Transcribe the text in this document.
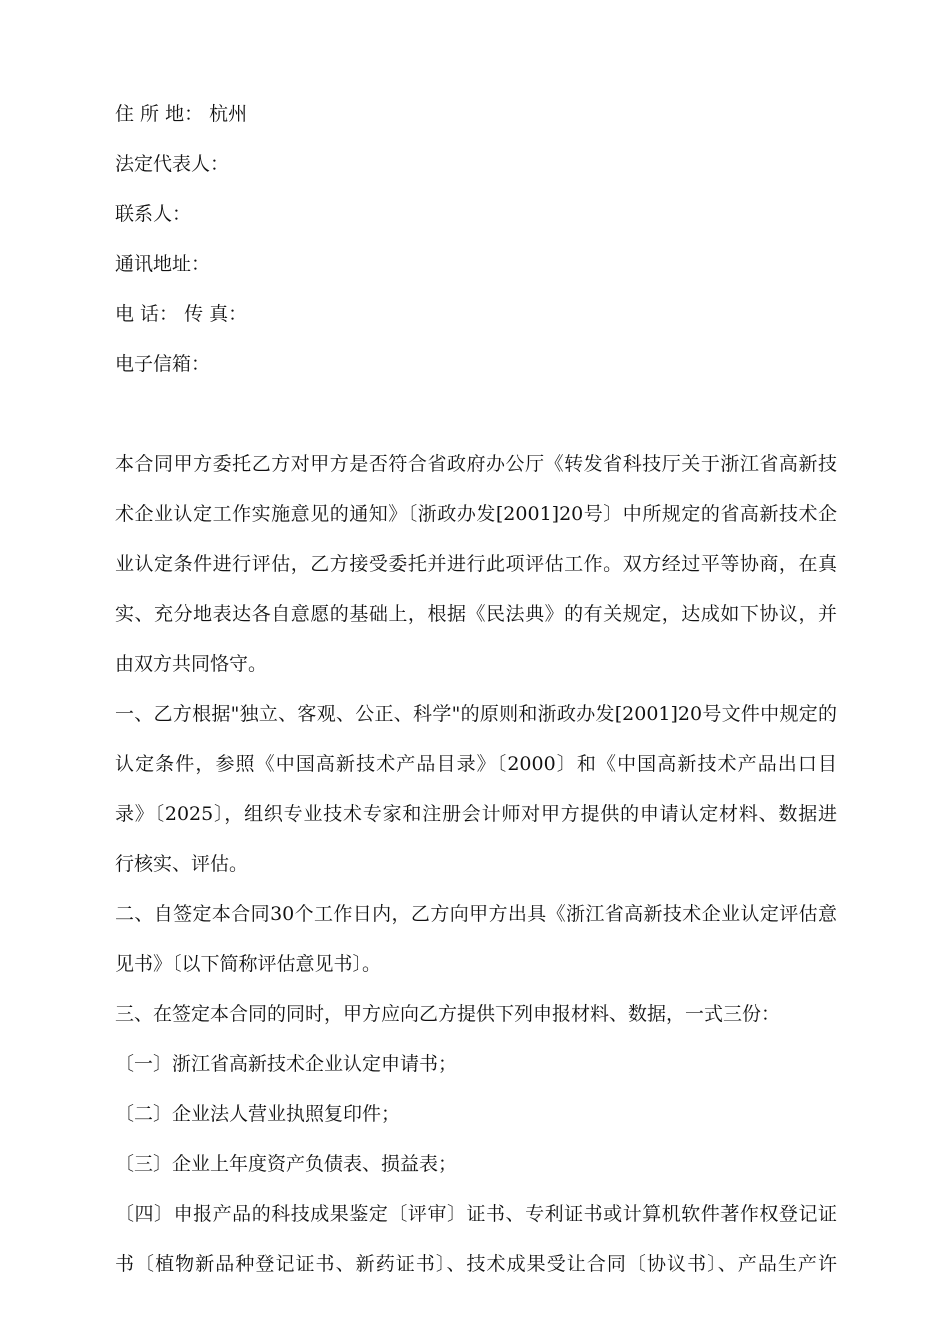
住 所 地： 杭州
法定代表人：
联系人：
通讯地址：
电 话： 传 真：
电子信箱：
本合同甲方委托乙方对甲方是否符合省政府办公厅《转发省科技厅关于浙江省高新技
术企业认定工作实施意见的通知》〔浙政办发[2001]20号〕中所规定的省高新技术企
业认定条件进行评估，乙方接受委托并进行此项评估工作。双方经过平等协商，在真
实、充分地表达各自意愿的基础上，根据《民法典》的有关规定，达成如下协议，并
由双方共同恪守。
一、乙方根据"独立、客观、公正、科学"的原则和浙政办发[2001]20号文件中规定的
认定条件，参照《中国高新技术产品目录》〔2000〕和《中国高新技术产品出口目
录》〔2025〕，组织专业技术专家和注册会计师对甲方提供的申请认定材料、数据进
行核实、评估。
二、自签定本合同30个工作日内，乙方向甲方出具《浙江省高新技术企业认定评估意
见书》〔以下简称评估意见书〕。
三、在签定本合同的同时，甲方应向乙方提供下列申报材料、数据，一式三份：
〔一〕浙江省高新技术企业认定申请书；
〔二〕企业法人营业执照复印件；
〔三〕企业上年度资产负债表、损益表；
〔四〕申报产品的科技成果鉴定〔评审〕证书、专利证书或计算机软件著作权登记证
书〔植物新品种登记证书、新药证书〕、技术成果受让合同〔协议书〕、产品生产许
